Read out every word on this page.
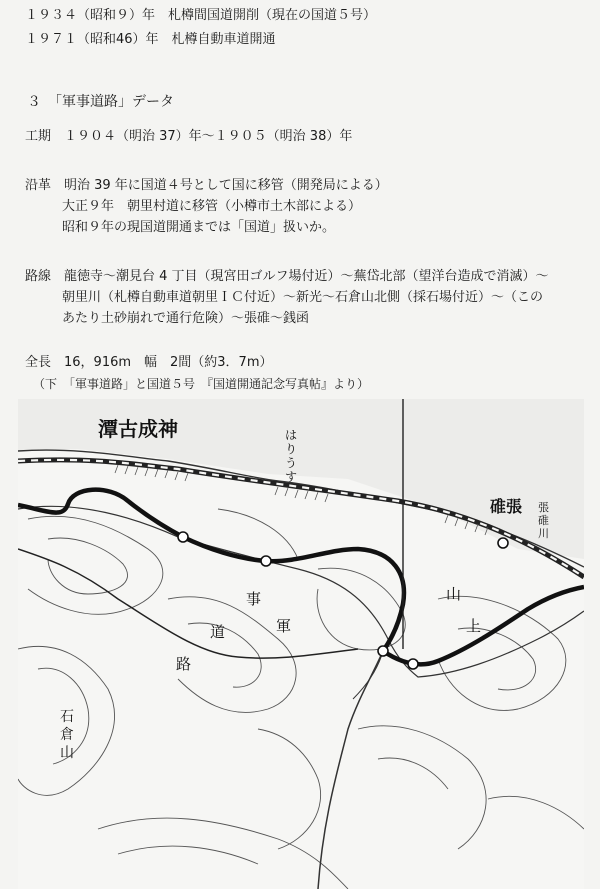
１９３４（昭和９）年　札樽間国道開削（現在の国道５号）
１９７１（昭和46）年　札樽自動車道開通
３　「軍事道路」データ
工期　１９０４（明治 37）年〜１９０５（明治 38）年
沿革　明治 39 年に国道４号として国に移管（開発局による）
大正９年　朝里村道に移管（小樽市土木部による）
昭和９年の現国道開通までは「国道」扱いか。
路線　龍徳寺〜潮見台 4 丁目（現宮田ゴルフ場付近）〜蕪岱北部（望洋台造成で消滅）〜
朝里川（札樽自動車道朝里ＩＣ付近）〜新光〜石倉山北側（採石場付近）〜（この
あたり土砂崩れで通行危険）〜張碓〜銭函
全長　16，916m　幅　2間（約3．7m）
（下　「軍事道路」と国道５号　『国道開通記念写真帖』より）
潭古成神
碓張
軍
事
道
路
山
上
は
り
う
す
張
碓
川
石
倉
山
